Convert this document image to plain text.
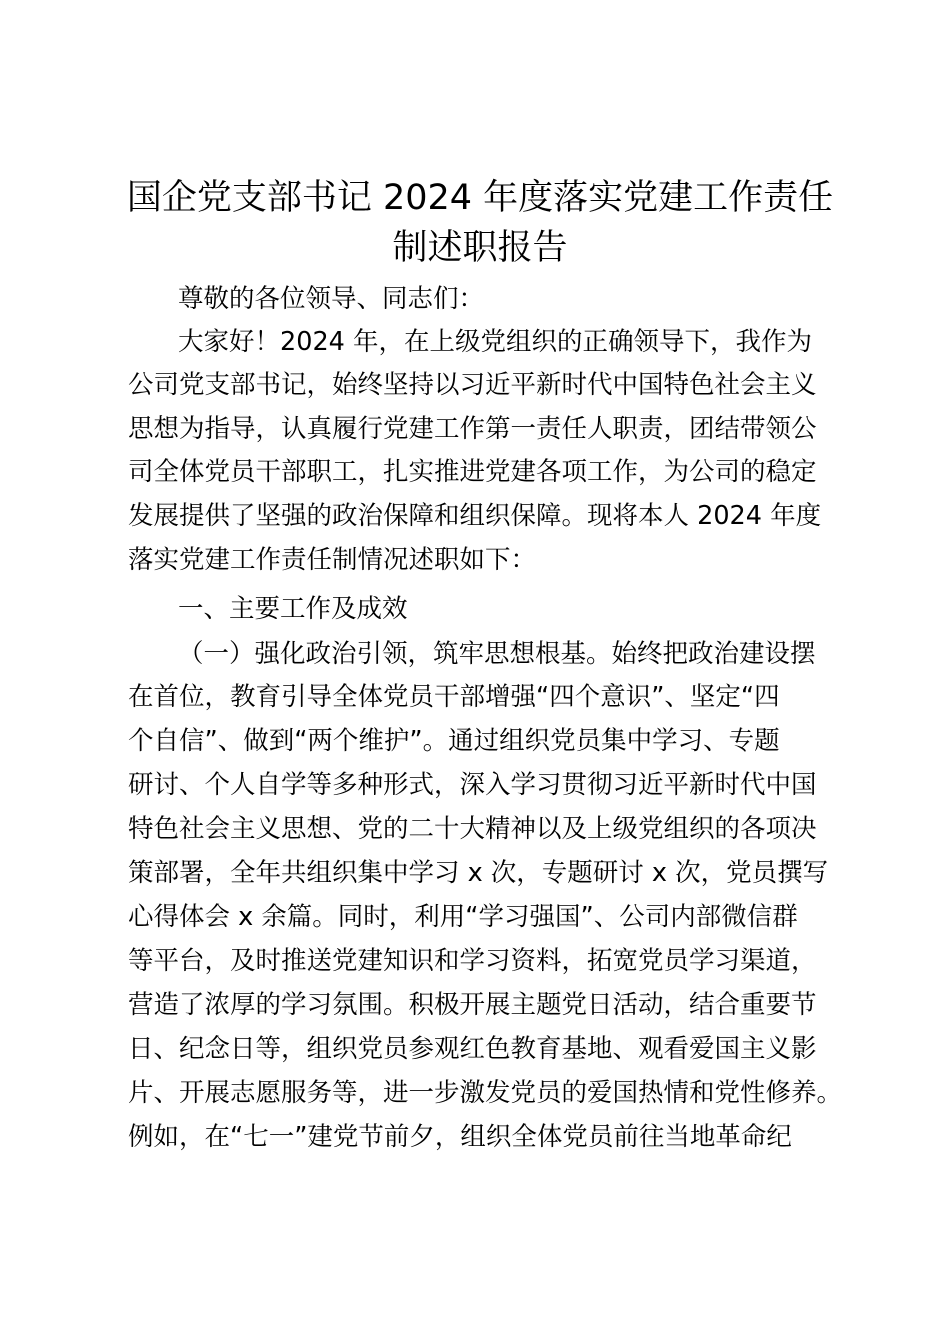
国企党支部书记 2024 年度落实党建工作责任
制述职报告

尊敬的各位领导、同志们：

大家好！2024 年，在上级党组织的正确领导下，我作为

公司党支部书记，始终坚持以习近平新时代中国特色社会主义

思想为指导，认真履行党建工作第一责任人职责，团结带领公

司全体党员干部职工，扎实推进党建各项工作，为公司的稳定

发展提供了坚强的政治保障和组织保障。现将本人 2024 年度

落实党建工作责任制情况述职如下：

一、主要工作及成效

（一）强化政治引领，筑牢思想根基。始终把政治建设摆

在首位，教育引导全体党员干部增强“四个意识”、坚定“四

个自信”、做到“两个维护”。通过组织党员集中学习、专题

研讨、个人自学等多种形式，深入学习贯彻习近平新时代中国

特色社会主义思想、党的二十大精神以及上级党组织的各项决

策部署，全年共组织集中学习 x 次，专题研讨 x 次，党员撰写

心得体会 x 余篇。同时，利用“学习强国”、公司内部微信群

等平台，及时推送党建知识和学习资料，拓宽党员学习渠道，

营造了浓厚的学习氛围。积极开展主题党日活动，结合重要节

日、纪念日等，组织党员参观红色教育基地、观看爱国主义影

片、开展志愿服务等，进一步激发党员的爱国热情和党性修养。

例如，在“七一”建党节前夕，组织全体党员前往当地革命纪
